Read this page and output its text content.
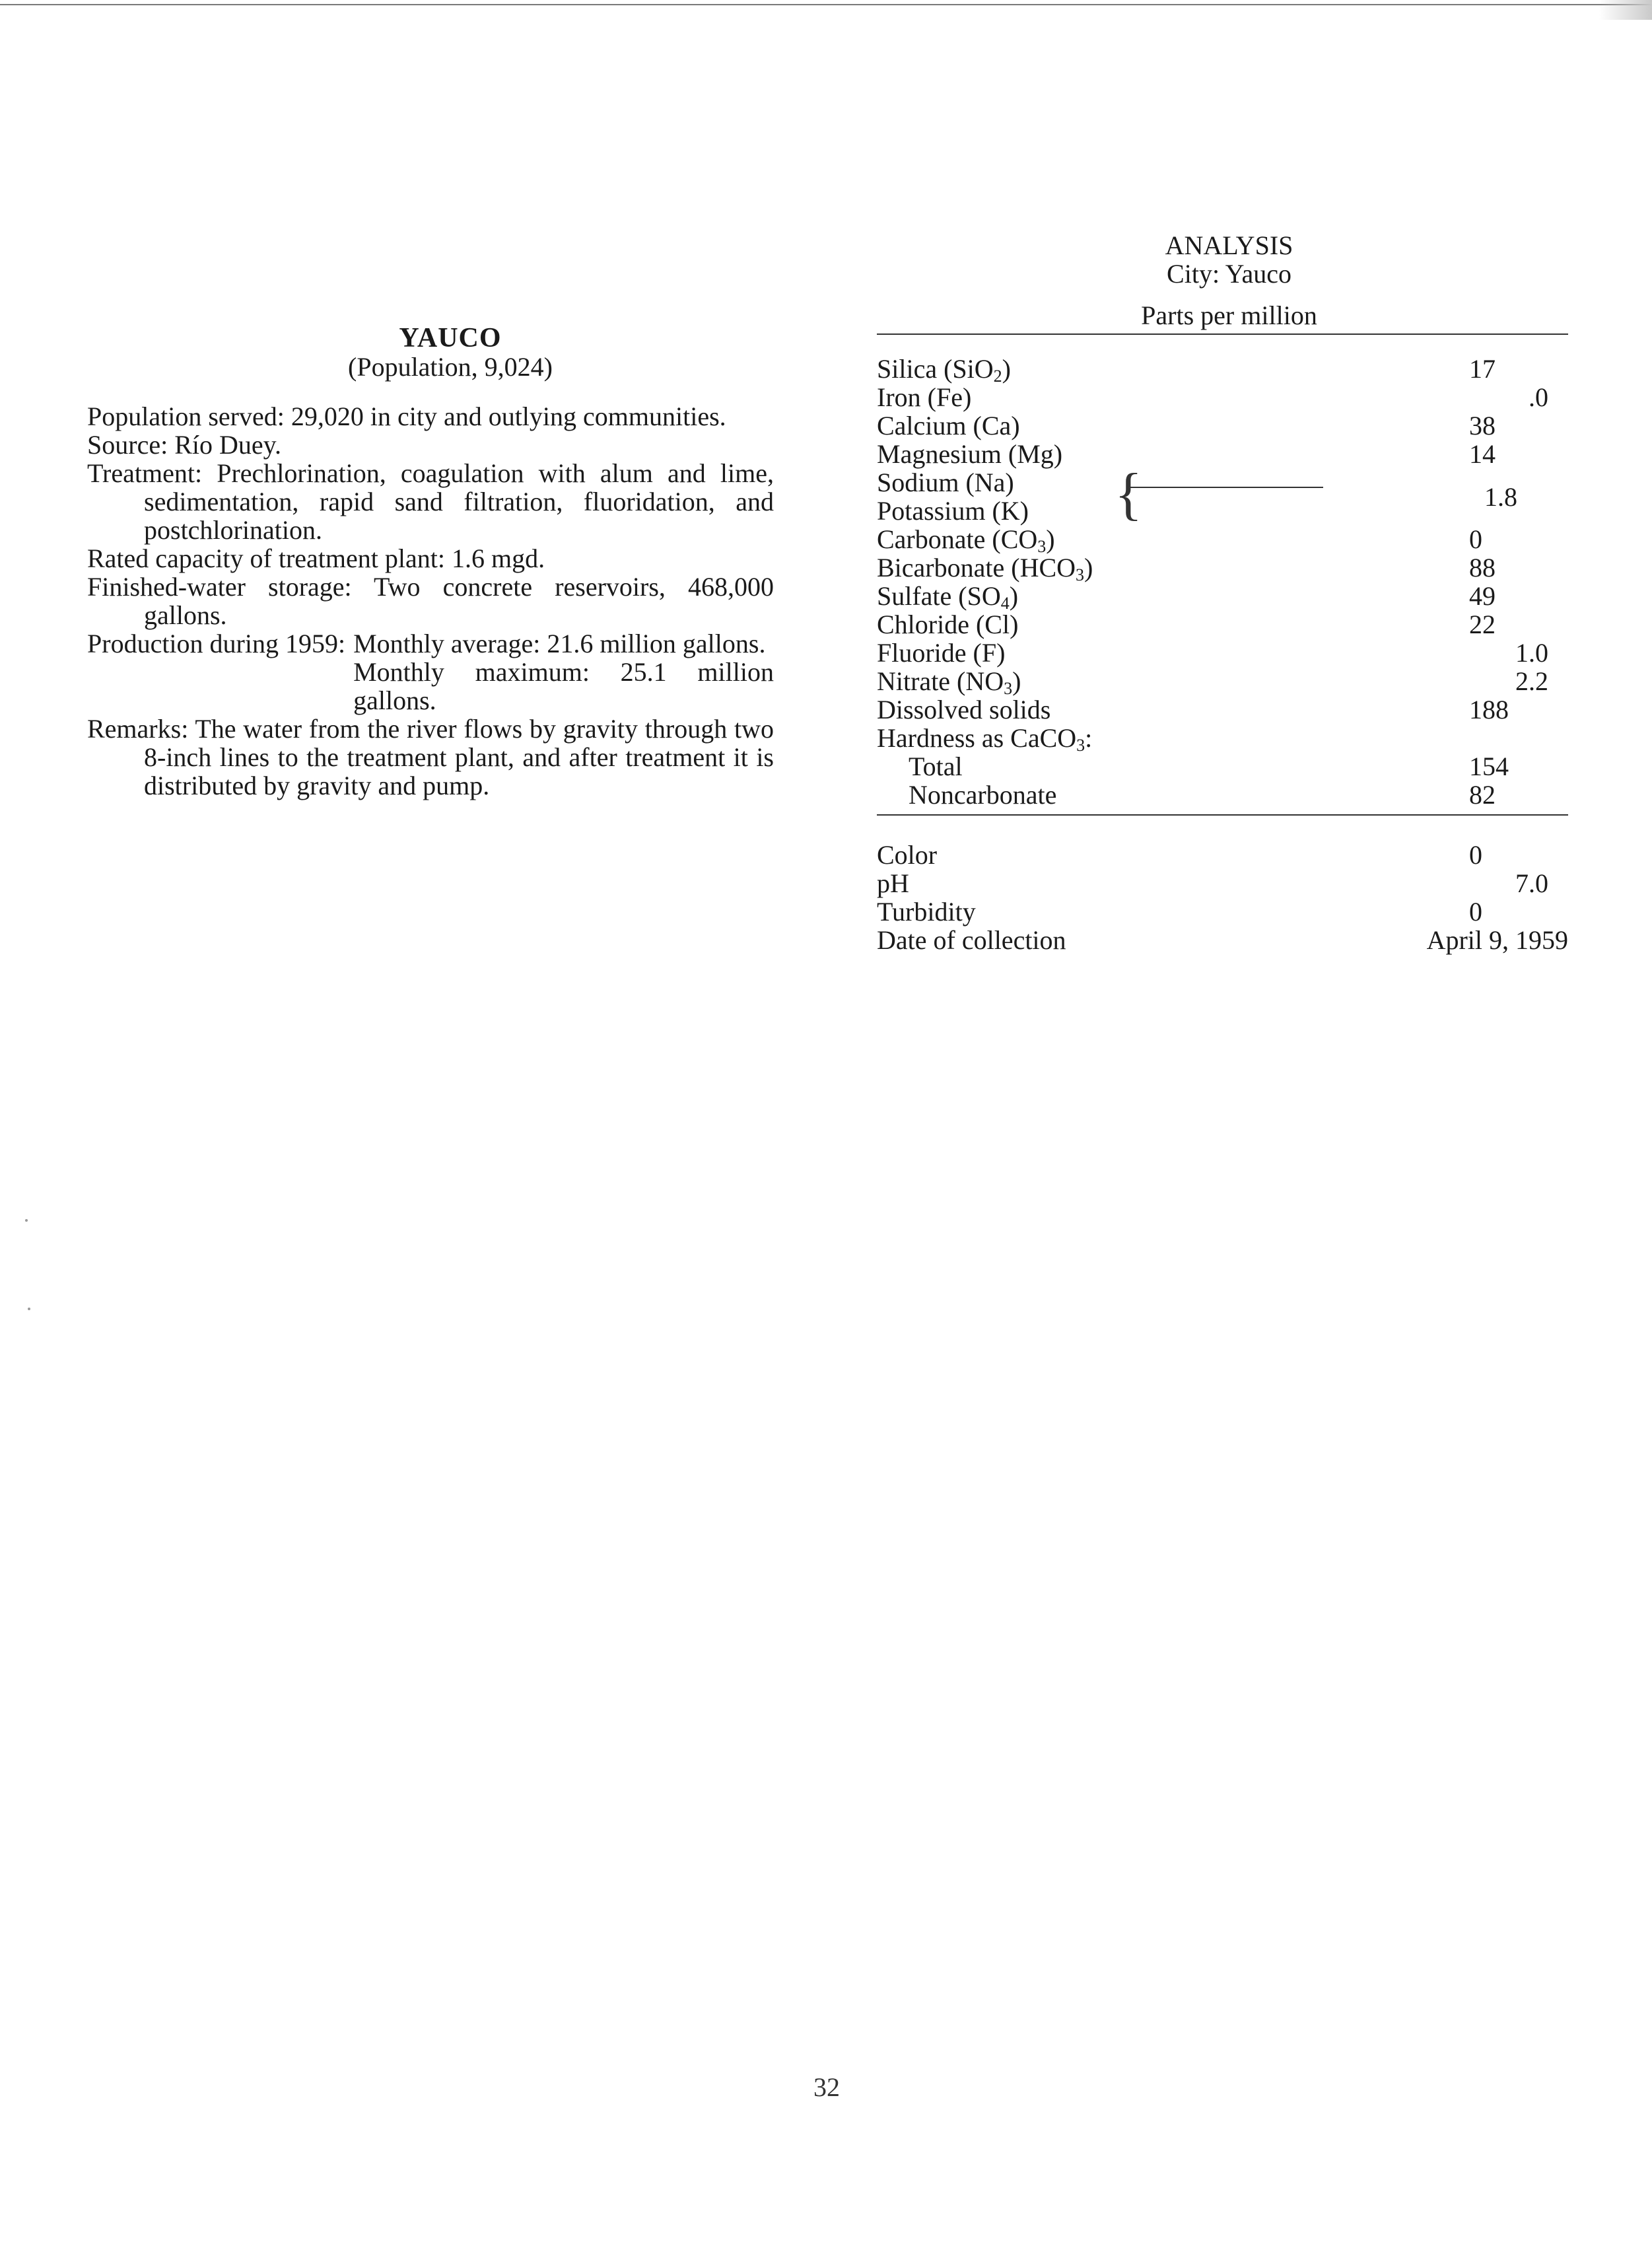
YAUCO
(Population, 9,024)
Population served: 29,020 in city and outlying communities.
Source: Río Duey.
Treatment: Prechlorination, coagulation with alum and lime, sedimentation, rapid sand filtration, fluoridation, and postchlorination.
Rated capacity of treatment plant: 1.6 mgd.
Finished-water storage: Two concrete reservoirs, 468,000 gallons.
Production during 1959: Monthly average: 21.6 million gallons.
Monthly maximum: 25.1 million gallons.
Remarks: The water from the river flows by gravity through two 8-inch lines to the treatment plant, and after treatment it is distributed by gravity and pump.
ANALYSIS
City: Yauco
Parts per million
Silica (SiO$_2$)	17
Iron (Fe)	.0
Calcium (Ca)	38
Magnesium (Mg)	14
Sodium (Na)
Potassium (K) {	1.8
Carbonate $(CO_3)$	0
Bicarbonate $(HCO_3)$	88
Sulfate $(SO_4)$	49
Chloride (Cl)	22
Fluoride (F)	1.0
Nitrate $(NO_3)$	2.2
Dissolved solids	188
Hardness as CaCO$_3$:
Total	154
Noncarbonate	82
Color	0
pH	7.0
Turbidity	0
Date of collection	April 9, 1959
32
